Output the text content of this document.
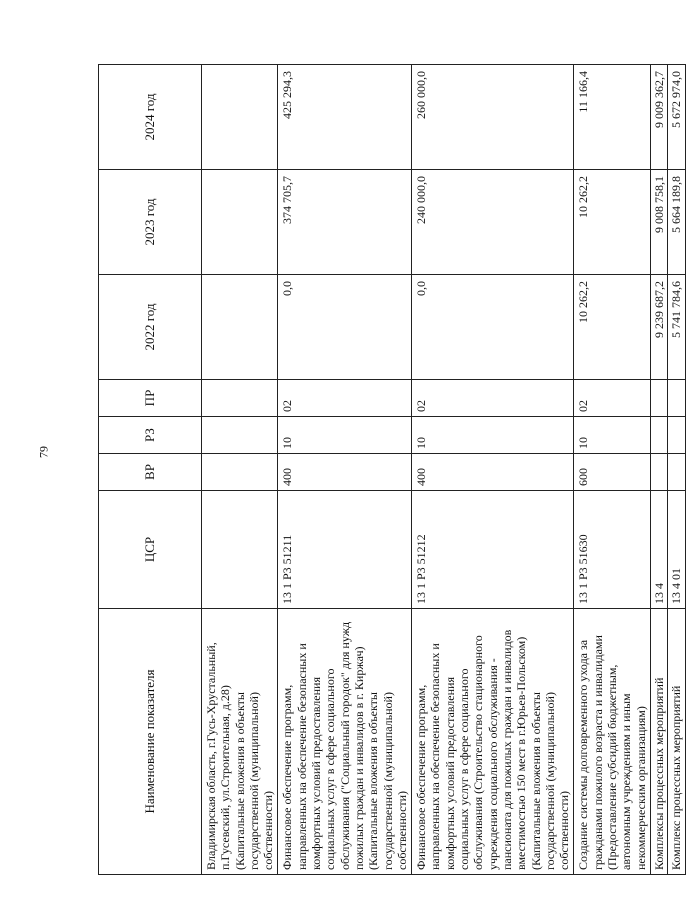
79
Наименование показателя	ЦСР	ВР	РЗ	ПР	2022 год	2023 год	2024 год
Владимирская область, г.Гусь-Хрустальный, п.Гусевский, ул.Строительная, д.28) (Капитальные вложения в объекты государственной (муниципальной) собственности)							
Финансовое обеспечение программ, направленных на обеспечение безопасных и комфортных условий предоставления социальных услуг в сфере социального обслуживания ("Социальный городок" для нужд пожилых граждан и инвалидов в г. Киржач) (Капитальные вложения в объекты государственной (муниципальной) собственности)	13 1 Р3 51211	400	10	02	0,0	374 705,7	425 294,3
Финансовое обеспечение программ, направленных на обеспечение безопасных и комфортных условий предоставления социальных услуг в сфере социального обслуживания (Строительство стационарного учреждения социального обслуживания - пансионата для пожилых граждан и инвалидов вместимостью 150 мест в г.Юрьев-Польском) (Капитальные вложения в объекты государственной (муниципальной) собственности)	13 1 Р3 51212	400	10	02	0,0	240 000,0	260 000,0
Создание системы долговременного ухода за гражданами пожилого возраста и инвалидами (Предоставление субсидий бюджетным, автономным учреждениям и иным некоммерческим организациям)	13 1 Р3 51630	600	10	02	10 262,2	10 262,2	11 166,4
Комплексы процессных мероприятий	13 4				9 239 687,2	9 008 758,1	9 009 362,7
Комплекс процессных мероприятий	13 4 01				5 741 784,6	5 664 189,8	5 672 974,0
